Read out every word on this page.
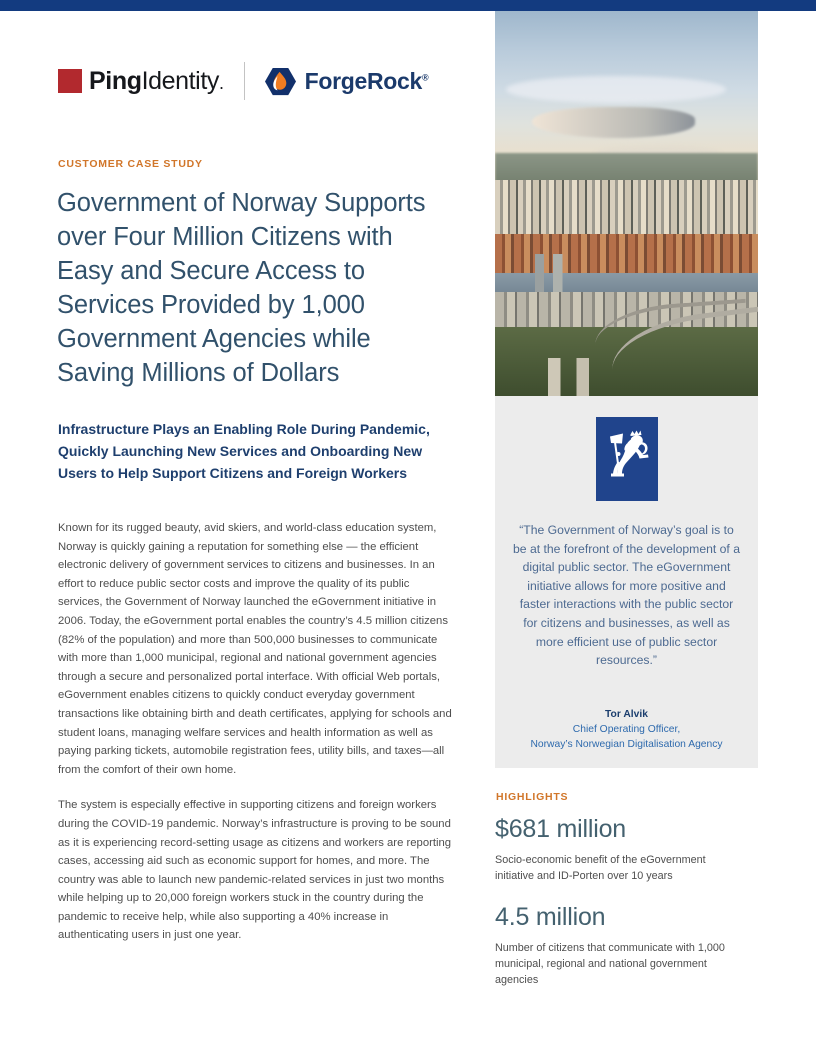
PingIdentity.	ForgeRock®
CUSTOMER CASE STUDY
Government of Norway Supports over Four Million Citizens with Easy and Secure Access to Services Provided by 1,000 Government Agencies while Saving Millions of Dollars
Infrastructure Plays an Enabling Role During Pandemic, Quickly Launching New Services and Onboarding New Users to Help Support Citizens and Foreign Workers

Known for its rugged beauty, avid skiers, and world-class education system, Norway is quickly gaining a reputation for something else — the efficient electronic delivery of government services to citizens and businesses. In an effort to reduce public sector costs and improve the quality of its public services, the Government of Norway launched the eGovernment initiative in 2006. Today, the eGovernment portal enables the country’s 4.5 million citizens (82% of the population) and more than 500,000 businesses to communicate with more than 1,000 municipal, regional and national government agencies through a secure and personalized portal interface. With official Web portals, eGovernment enables citizens to quickly conduct everyday government transactions like obtaining birth and death certificates, applying for schools and student loans, managing welfare services and health information as well as paying parking tickets, automobile registration fees, utility bills, and taxes—all from the comfort of their own home.

The system is especially effective in supporting citizens and foreign workers during the COVID-19 pandemic. Norway’s infrastructure is proving to be sound as it is experiencing record-setting usage as citizens and workers are reporting cases, accessing aid such as economic support for homes, and more. The country was able to launch new pandemic-related services in just two months while helping up to 20,000 foreign workers stuck in the country during the pandemic to receive help, while also supporting a 40% increase in authenticating users in just one year.

“The Government of Norway’s goal is to be at the forefront of the development of a digital public sector. The eGovernment initiative allows for more positive and faster interactions with the public sector for citizens and businesses, as well as more efficient use of public sector resources.”
Tor Alvik
Chief Operating Officer,
Norway’s Norwegian Digitalisation Agency
HIGHLIGHTS
$681 million
Socio-economic benefit of the eGovernment initiative and ID-Porten over 10 years
4.5 million
Number of citizens that communicate with 1,000 municipal, regional and national government agencies
